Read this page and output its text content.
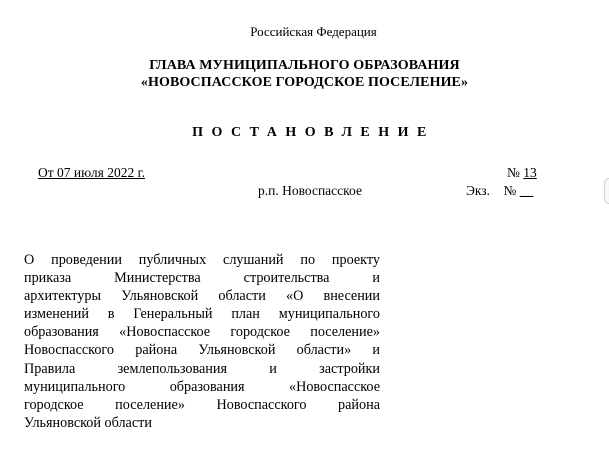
Российская Федерация
ГЛАВА МУНИЦИПАЛЬНОГО ОБРАЗОВАНИЯ
«НОВОСПАССКОЕ ГОРОДСКОЕ ПОСЕЛЕНИЕ»
ПОСТАНОВЛЕНИЕ
От 07 июля 2022 г.	№ 13
р.п. Новоспасское	Экз. № __
О проведении публичных слушаний по проекту
приказа Министерства строительства и
архитектуры Ульяновской области «О внесении
изменений в Генеральный план муниципального
образования «Новоспасское городское поселение»
Новоспасского района Ульяновской области» и
Правила землепользования и застройки
муниципального образования «Новоспасское
городское поселение» Новоспасского района
Ульяновской области
